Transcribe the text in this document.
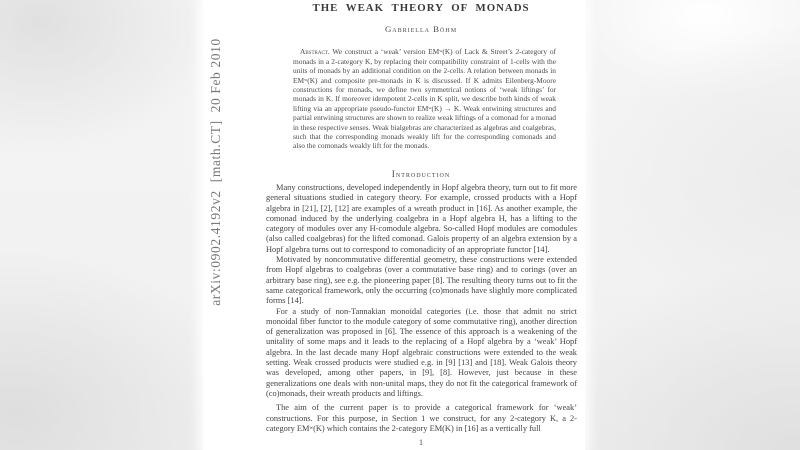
THE WEAK THEORY OF MONADS
Gabriella Böhm

Abstract. We construct a ‘weak’ version EMʷ(K) of Lack & Street’s 2-category of monads in a 2-category K, by replacing their compatibility constraint of 1-cells with the units of monads by an additional condition on the 2-cells. A relation between monads in EMʷ(K) and composite pre-monads in K is discussed. If K admits Eilenberg-Moore constructions for monads, we define two symmetrical notions of ‘weak liftings’ for monads in K. If moreover idempotent 2-cells in K split, we describe both kinds of weak lifting via an appropriate pseudo-functor EMʷ(K) → K. Weak entwining structures and partial entwining structures are shown to realize weak liftings of a comonad for a monad in these respective senses. Weak bialgebras are characterized as algebras and coalgebras, such that the corresponding monads weakly lift for the corresponding comonads and also the comonads weakly lift for the monads.

Introduction

Many constructions, developed independently in Hopf algebra theory, turn out to fit more general situations studied in category theory. For example, crossed products with a Hopf algebra in [21], [2], [12] are examples of a wreath product in [16]. As another example, the comonad induced by the underlying coalgebra in a Hopf algebra H, has a lifting to the category of modules over any H-comodule algebra. So-called Hopf modules are comodules (also called coalgebras) for the lifted comonad. Galois property of an algebra extension by a Hopf algebra turns out to correspond to comonadicity of an appropriate functor [14].

Motivated by noncommutative differential geometry, these constructions were extended from Hopf algebras to coalgebras (over a commutative base ring) and to corings (over an arbitrary base ring), see e.g. the pioneering paper [8]. The resulting theory turns out to fit the same categorical framework, only the occurring (co)monads have slightly more complicated forms [14].

For a study of non-Tannakian monoidal categories (i.e. those that admit no strict monoidal fiber functor to the module category of some commutative ring), another direction of generalization was proposed in [6]. The essence of this approach is a weakening of the unitality of some maps and it leads to the replacing of a Hopf algebra by a ‘weak’ Hopf algebra. In the last decade many Hopf algebraic constructions were extended to the weak setting. Weak crossed products were studied e.g. in [9] [13] and [18]. Weak Galois theory was developed, among other papers, in [9], [8]. However, just because in these generalizations one deals with non-unital maps, they do not fit the categorical framework of (co)monads, their wreath products and liftings.

The aim of the current paper is to provide a categorical framework for ‘weak’ constructions. For this purpose, in Section 1 we construct, for any 2-category K, a 2-category EMʷ(K) which contains the 2-category EM(K) in [16] as a vertically full

1
arXiv:0902.4192v2  [math.CT]  20 Feb 2010
